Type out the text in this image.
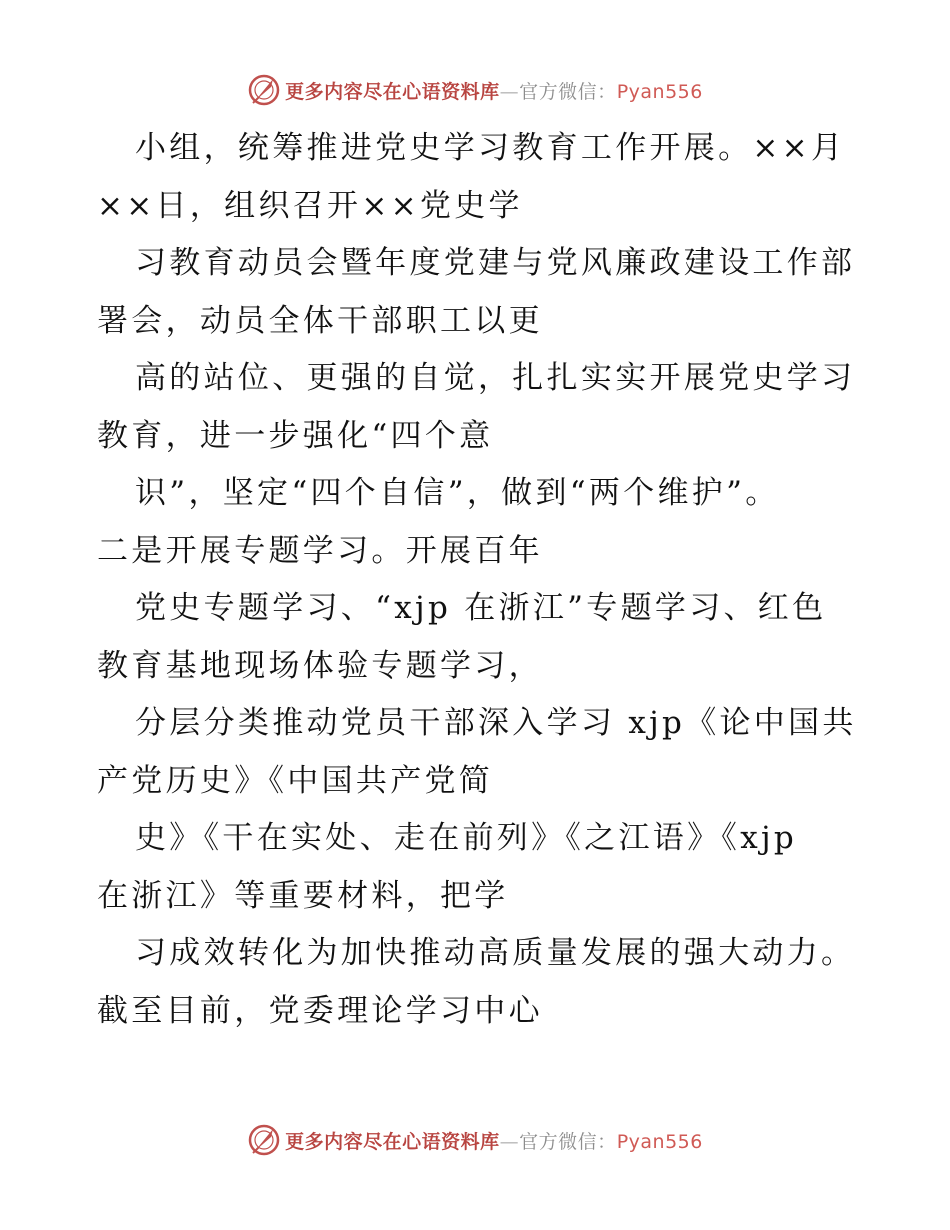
更多内容尽在心语资料库—官方微信：Pyan556
小组，统筹推进党史学习教育工作开展。××月
××日，组织召开××党史学
习教育动员会暨年度党建与党风廉政建设工作部
署会，动员全体干部职工以更
高的站位、更强的自觉，扎扎实实开展党史学习
教育，进一步强化“四个意
识”，坚定“四个自信”，做到“两个维护”。
二是开展专题学习。开展百年
党史专题学习、“xjp 在浙江”专题学习、红色
教育基地现场体验专题学习，
分层分类推动党员干部深入学习 xjp《论中国共
产党历史》《中国共产党简
史》《干在实处、走在前列》《之江语》《xjp
在浙江》等重要材料，把学
习成效转化为加快推动高质量发展的强大动力。
截至目前，党委理论学习中心
更多内容尽在心语资料库—官方微信：Pyan556
